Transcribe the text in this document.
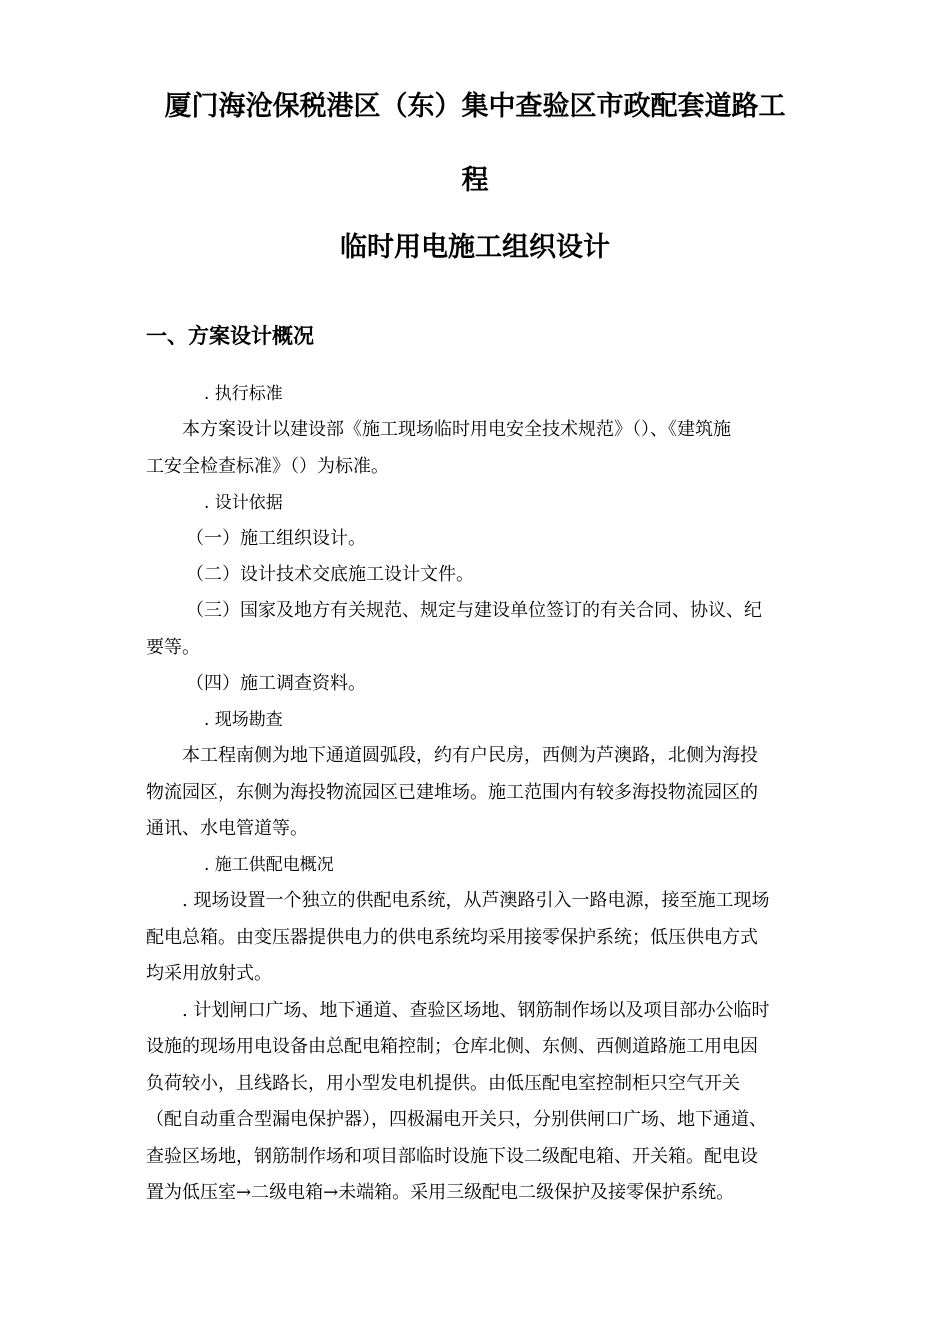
厦门海沧保税港区（东）集中查验区市政配套道路工
程
临时用电施工组织设计
一、方案设计概况
. 执行标准
本方案设计以建设部《施工现场临时用电安全技术规范》（）、《建筑施
工安全检查标准》（）为标准。
. 设计依据
（一）施工组织设计。
（二）设计技术交底施工设计文件。
（三）国家及地方有关规范、规定与建设单位签订的有关合同、协议、纪
要等。
（四）施工调查资料。
. 现场勘查
本工程南侧为地下通道圆弧段，约有户民房，西侧为芦澳路，北侧为海投
物流园区，东侧为海投物流园区已建堆场。施工范围内有较多海投物流园区的
通讯、水电管道等。
. 施工供配电概况
. 现场设置一个独立的供配电系统，从芦澳路引入一路电源，接至施工现场
配电总箱。由变压器提供电力的供电系统均采用接零保护系统；低压供电方式
均采用放射式。
. 计划闸口广场、地下通道、查验区场地、钢筋制作场以及项目部办公临时
设施的现场用电设备由总配电箱控制；仓库北侧、东侧、西侧道路施工用电因
负荷较小，且线路长，用小型发电机提供。由低压配电室控制柜只空气开关
（配自动重合型漏电保护器），四极漏电开关只，分别供闸口广场、地下通道、
查验区场地，钢筋制作场和项目部临时设施下设二级配电箱、开关箱。配电设
置为低压室→二级电箱→未端箱。采用三级配电二级保护及接零保护系统。
